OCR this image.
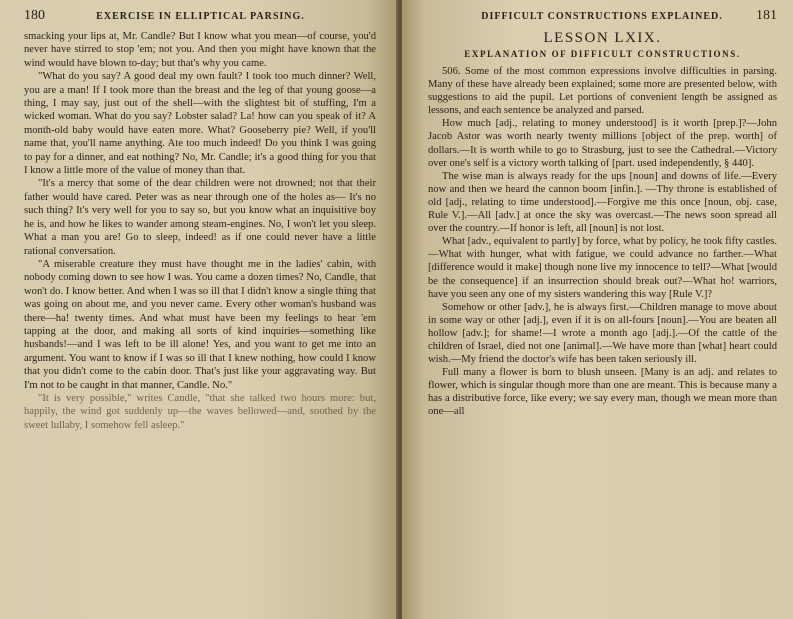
180	EXERCISE IN ELLIPTICAL PARSING.

smacking your lips at, Mr. Candle? But I know what you mean—of course, you'd never have stirred to stop 'em; not you. And then you might have known that the wind would have blown to-day; but that's why you came.

"What do you say? A good deal my own fault? I took too much dinner? Well, you are a man! If I took more than the breast and the leg of that young goose—a thing, I may say, just out of the shell—with the slightest bit of stuffing, I'm a wicked woman. What do you say? Lobster salad? La! how can you speak of it? A month-old baby would have eaten more. What? Gooseberry pie? Well, if you'll name that, you'll name anything. Ate too much indeed! Do you think I was going to pay for a dinner, and eat nothing? No, Mr. Candle; it's a good thing for you that I know a little more of the value of money than that.

"It's a mercy that some of the dear children were not drowned; not that their father would have cared. Peter was as near through one of the holes as— It's no such thing? It's very well for you to say so, but you know what an inquisitive boy he is, and how he likes to wander among steam-engines. No, I won't let you sleep. What a man you are! Go to sleep, indeed! as if one could never have a little rational conversation.

"A miserable creature they must have thought me in the ladies' cabin, with nobody coming down to see how I was. You came a dozen times? No, Candle, that won't do. I know better. And when I was so ill that I didn't know a single thing that was going on about me, and you never came. Every other woman's husband was there—ha! twenty times. And what must have been my feelings to hear 'em tapping at the door, and making all sorts of kind inquiries—something like husbands!—and I was left to be ill alone! Yes, and you want to get me into an argument. You want to know if I was so ill that I knew nothing, how could I know that you didn't come to the cabin door. That's just like your aggravating way. But I'm not to be caught in that manner, Candle. No."

"It is very possible," writes Candle, "that she talked two hours more: but, happily, the wind got suddenly up—the waves bellowed—and, soothed by the sweet lullaby, I somehow fell asleep."

DIFFICULT CONSTRUCTIONS EXPLAINED. 181
LESSON LXIX.
EXPLANATION OF DIFFICULT CONSTRUCTIONS.

506. Some of the most common expressions involve difficulties in parsing. Many of these have already been explained; some more are presented below, with suggestions to aid the pupil. Let portions of convenient length be assigned as lessons, and each sentence be analyzed and parsed.

How much [adj., relating to money understood] is it worth [prep.]?—John Jacob Astor was worth nearly twenty millions [object of the prep. worth] of dollars.—It is worth while to go to Strasburg, just to see the Cathedral.—Victory over one's self is a victory worth talking of [part. used independently, § 440].

The wise man is always ready for the ups [noun] and downs of life.—Every now and then we heard the cannon boom [infin.]. —Thy throne is established of old [adj., relating to time understood].—Forgive me this once [noun, obj. case, Rule V.].—All [adv.] at once the sky was overcast.—The news soon spread all over the country.—If honor is left, all [noun] is not lost.

What [adv., equivalent to partly] by force, what by policy, he took fifty castles.—What with hunger, what with fatigue, we could advance no farther.—What [difference would it make] though none live my innocence to tell?—What [would be the consequence] if an insurrection should break out?—What ho! warriors, have you seen any one of my sisters wandering this way [Rule V.]?

Somehow or other [adv.], he is always first.—Children manage to move about in some way or other [adj.], even if it is on all-fours [noun].—You are beaten all hollow [adv.]; for shame!—I wrote a month ago [adj.].—Of the cattle of the children of Israel, died not one [animal].—We have more than [what] heart could wish.—My friend the doctor's wife has been taken seriously ill.

Full many a flower is born to blush unseen. [Many is an adj. and relates to flower, which is singular though more than one are meant. This is because many a has a distributive force, like every; we say every man, though we mean more than one—all
